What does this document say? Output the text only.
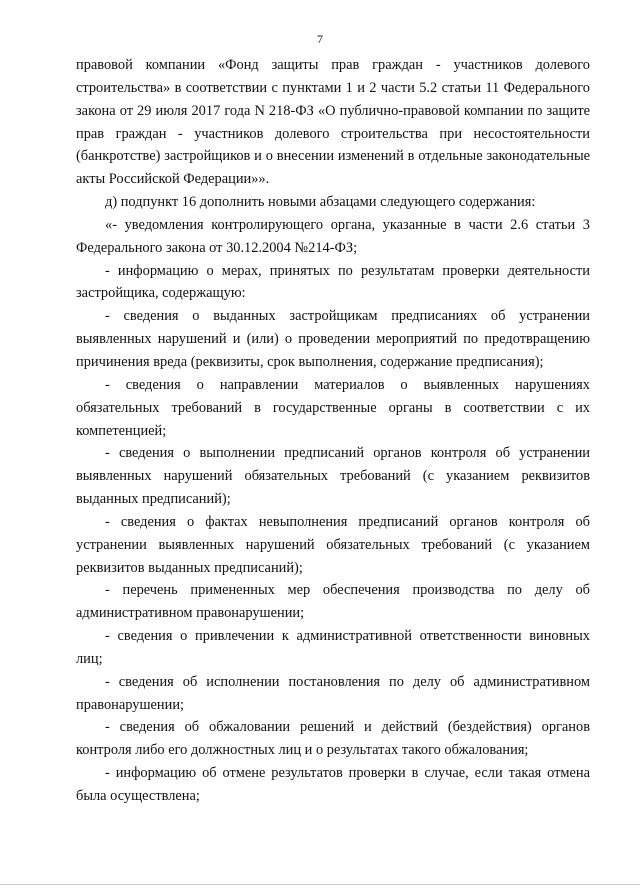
7

правовой компании «Фонд защиты прав граждан - участников долевого строительства» в соответствии с пунктами 1 и 2 части 5.2 статьи 11 Федерального закона от 29 июля 2017 года N 218-ФЗ «О публично-правовой компании по защите прав граждан - участников долевого строительства при несостоятельности (банкротстве) застройщиков и о внесении изменений в отдельные законодательные акты Российской Федерации»».

д) подпункт 16 дополнить новыми абзацами следующего содержания:

«- уведомления контролирующего органа, указанные в части 2.6 статьи 3 Федерального закона от 30.12.2004 №214-ФЗ;

- информацию о мерах, принятых по результатам проверки деятельности застройщика, содержащую:

- сведения о выданных застройщикам предписаниях об устранении выявленных нарушений и (или) о проведении мероприятий по предотвращению причинения вреда (реквизиты, срок выполнения, содержание предписания);

- сведения о направлении материалов о выявленных нарушениях обязательных требований в государственные органы в соответствии с их компетенцией;

- сведения о выполнении предписаний органов контроля об устранении выявленных нарушений обязательных требований (с указанием реквизитов выданных предписаний);

- сведения о фактах невыполнения предписаний органов контроля об устранении выявленных нарушений обязательных требований (с указанием реквизитов выданных предписаний);

- перечень примененных мер обеспечения производства по делу об административном правонарушении;

- сведения о привлечении к административной ответственности виновных лиц;

- сведения об исполнении постановления по делу об административном правонарушении;

- сведения об обжаловании решений и действий (бездействия) органов контроля либо его должностных лиц и о результатах такого обжалования;

- информацию об отмене результатов проверки в случае, если такая отмена была осуществлена;
